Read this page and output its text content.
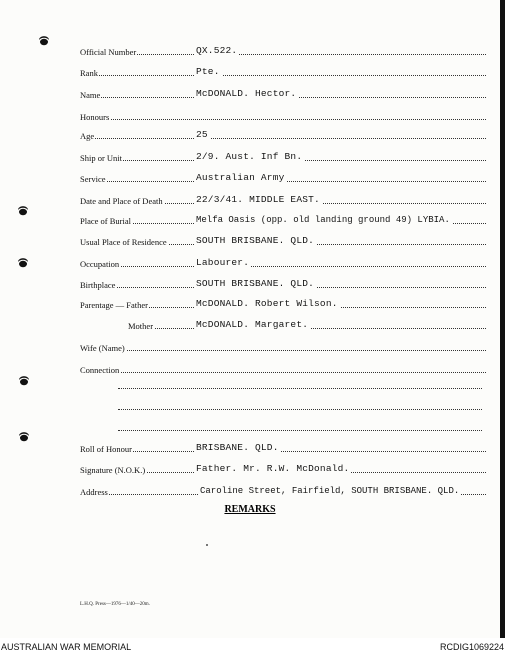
Official Number	QX.522.
Rank	Pte.
Name	McDONALD. Hector.
Honours
Age	25
Ship or Unit	2/9. Aust. Inf Bn.
Service	Australian Army
Date and Place of Death	22/3/41. MIDDLE EAST.
Place of Burial	Melfa Oasis (opp. old landing ground 49) LYBIA.
Usual Place of Residence	SOUTH BRISBANE. QLD.
Occupation	Labourer.
Birthplace	SOUTH BRISBANE. QLD.
Parentage — Father	McDONALD. Robert Wilson.
Mother	McDONALD. Margaret.
Wife (Name)
Connection
Roll of Honour	BRISBANE. QLD.
Signature (N.O.K.)	Father. Mr. R.W. McDonald.
Address	Caroline Street, Fairfield, SOUTH BRISBANE. QLD.
REMARKS
L.H.Q. Press—1976—1/40—20m.
AUSTRALIAN WAR MEMORIAL	RCDIG1069224
